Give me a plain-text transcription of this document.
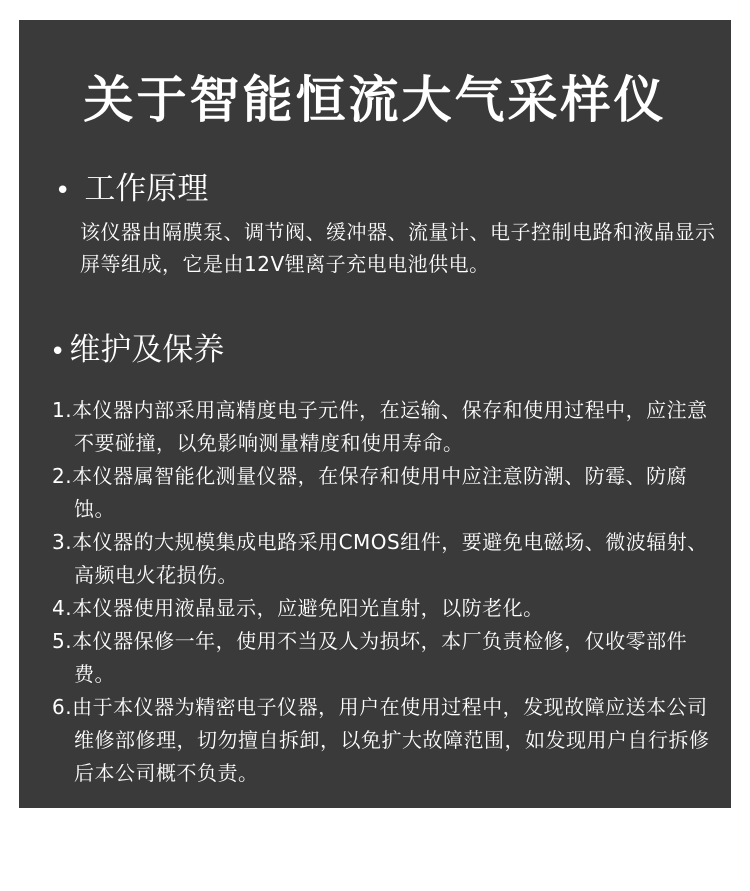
关于智能恒流大气采样仪
• 工作原理
该仪器由隔膜泵、调节阀、缓冲器、流量计、电子控制电路和液晶显示屏等组成，它是由12V锂离子充电电池供电。
• 维护及保养
1.本仪器内部采用高精度电子元件，在运输、保存和使用过程中，应注意不要碰撞，以免影响测量精度和使用寿命。
2.本仪器属智能化测量仪器，在保存和使用中应注意防潮、防霉、防腐蚀。
3.本仪器的大规模集成电路采用CMOS组件，要避免电磁场、微波辐射、高频电火花损伤。
4.本仪器使用液晶显示，应避免阳光直射，以防老化。
5.本仪器保修一年，使用不当及人为损坏，本厂负责检修，仅收零部件费。
6.由于本仪器为精密电子仪器，用户在使用过程中，发现故障应送本公司维修部修理，切勿擅自拆卸，以免扩大故障范围，如发现用户自行拆修后本公司概不负责。
